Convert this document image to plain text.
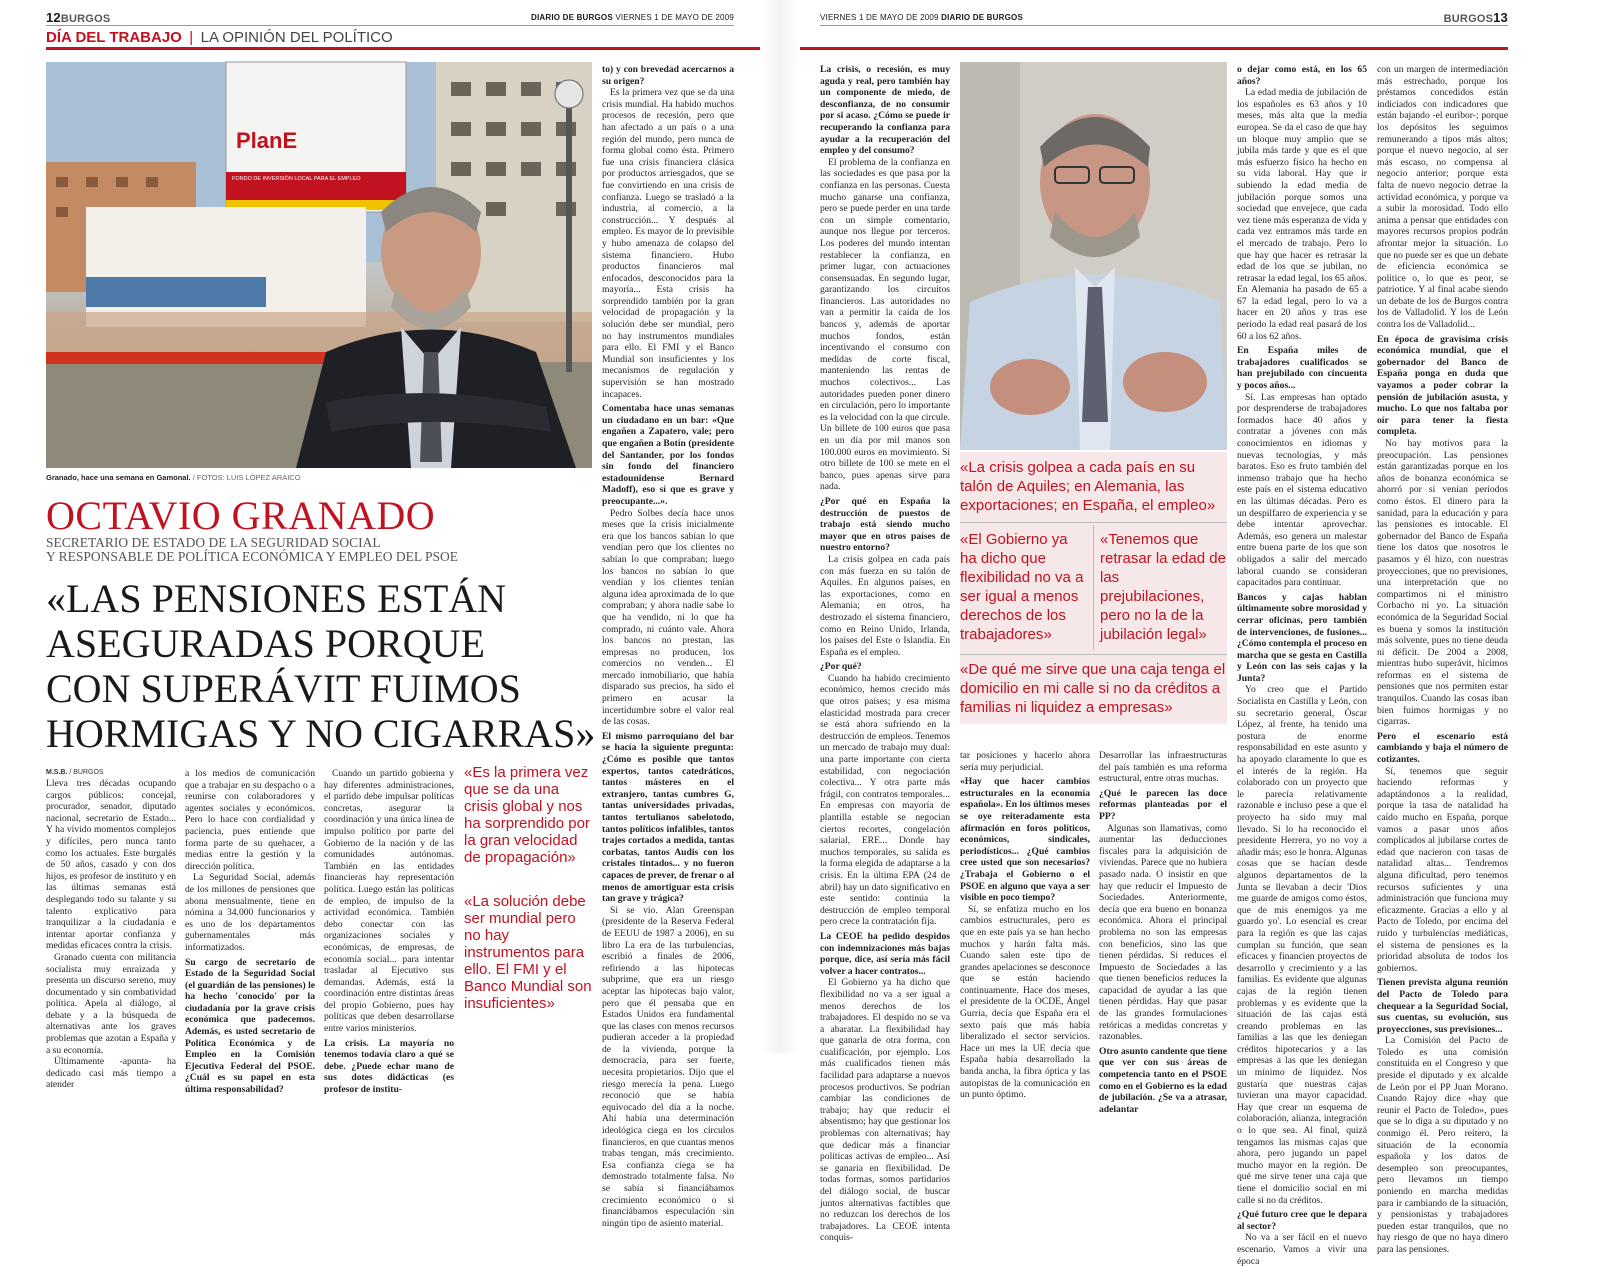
12BURGOS	DIARIO DE BURGOS VIERNES 1 DE MAYO DE 2009	VIERNES 1 DE MAYO DE 2009 DIARIO DE BURGOS	BURGOS13
DÍA DEL TRABAJO | LA OPINIÓN DEL POLÍTICO
PlanE
FONDO DE INVERSIÓN LOCAL PARA EL EMPLEO
Granado, hace una semana en Gamonal. / FOTOS: LUIS LÓPEZ ARAICO
OCTAVIO GRANADO
SECRETARIO DE ESTADO DE LA SEGURIDAD SOCIAL
Y RESPONSABLE DE POLÍTICA ECONÓMICA Y EMPLEO DEL PSOE
«LAS PENSIONES ESTÁN
ASEGURADAS PORQUE
CON SUPERÁVIT FUIMOS
HORMIGAS Y NO CIGARRAS»
M.S.B. / BURGOS

Lleva tres décadas ocupando cargos públicos: concejal, procurador, senador, diputado nacional, secretario de Estado... Y ha vivido momentos complejos y difíciles, pero nunca tanto como los actuales. Este burgalés de 50 años, casado y con dos hijos, es profesor de instituto y en las últimas semanas está desplegando todo su talante y su talento explicativo para tranquilizar a la ciudadanía e intentar aportar confianza y medidas eficaces contra la crisis.

Granado cuenta con militancia socialista muy enraizada y presenta un discurso sereno, muy documentado y sin combatividad política. Apela al diálogo, al debate y a la búsqueda de alternativas ante los graves problemas que azotan a España y a su economía.

Últimamente -apunta- ha dedicado casi más tiempo a atender

a los medios de comunicación que a trabajar en su despacho o a reunirse con colaboradores y agentes sociales y económicos. Pero lo hace con cordialidad y paciencia, pues entiende que forma parte de su quehacer, a medias entre la gestión y la dirección política.

La Seguridad Social, además de los millones de pensiones que abona mensualmente, tiene en nómina a 34.000 funcionarios y es uno de los departamentos gubernamentales más informatizados.

Su cargo de secretario de Estado de la Seguridad Social (el guardián de las pensiones) le ha hecho 'conocido' por la ciudadanía por la grave crisis económica que padecemos. Además, es usted secretario de Política Económica y de Empleo en la Comisión Ejecutiva Federal del PSOE. ¿Cuál es su papel en esta última responsabilidad?

Cuando un partido gobierna y hay diferentes administraciones, el partido debe impulsar políticas concretas, asegurar la coordinación y una única línea de impulso político por parte del Gobierno de la nación y de las comunidades autónomas. También en las entidades financieras hay representación política. Luego están las políticas de empleo, de impulso de la actividad económica. También debo conectar con las organizaciones sociales y económicas, de empresas, de economía social... para intentar trasladar al Ejecutivo sus demandas. Además, está la coordinación entre distintas áreas del propio Gobierno, pues hay políticas que deben desarrollarse entre varios ministerios.

La crisis. La mayoría no tenemos todavía claro a qué se debe. ¿Puede echar mano de sus dotes didácticas (es profesor de institu-

«Es la primera vez que se da una crisis global y nos ha sorprendido por la gran velocidad de propagación»
«La solución debe ser mundial pero no hay instrumentos para ello. El FMI y el Banco Mundial son insuficientes»

to) y con brevedad acercarnos a su origen?

Es la primera vez que se da una crisis mundial. Ha habido muchos procesos de recesión, pero que han afectado a un país o a una región del mundo, pero nunca de forma global como ésta. Primero fue una crisis financiera clásica por productos arriesgados, que se fue convirtiendo en una crisis de confianza. Luego se trasladó a la industria, al comercio, a la construcción... Y después al empleo. Es mayor de lo previsible y hubo amenaza de colapso del sistema financiero. Hubo productos financieros mal enfocados, desconocidos para la mayoría... Esta crisis ha sorprendido también por la gran velocidad de propagación y la solución debe ser mundial, pero no hay instrumentos mundiales para ello. El FMI y el Banco Mundial son insuficientes y los mecanismos de regulación y supervisión se han mostrado incapaces.

Comentaba hace unas semanas un ciudadano en un bar: «Que engañen a Zapatero, vale; pero que engañen a Botín (presidente del Santander, por los fondos sin fondo del financiero estadounidense Bernard Madoff), eso sí que es grave y preocupante...».

Pedro Solbes decía hace unos meses que la crisis inicialmente era que los bancos sabían lo que vendían pero que los clientes no sabían lo que compraban; luego los bancos no sabían lo que vendían y los clientes tenían alguna idea aproximada de lo que compraban; y ahora nadie sabe lo que ha vendido, ni lo que ha comprado, ni cuánto vale. Ahora los bancos no prestan, las empresas no producen, los comercios no venden... El mercado inmobiliario, que había disparado sus precios, ha sido el primero en acusar la incertidumbre sobre el valor real de las cosas.

El mismo parroquiano del bar se hacía la siguiente pregunta: ¿Cómo es posible que tantos expertos, tantos catedráticos, tantos másteres en el extranjero, tantas cumbres G, tantas universidades privadas, tantos tertulianos sabelotodo, tantos políticos infalibles, tantos trajes cortados a medida, tantas corbatas, tantos Audis con los cristales tintados... y no fueron capaces de prever, de frenar o al menos de amortiguar esta crisis tan grave y trágica?

Si se vio. Alan Greenspan (presidente de la Reserva Federal de EEUU de 1987 a 2006), en su libro La era de las turbulencias, escribió a finales de 2006, refiriendo a las hipotecas subprime, que era un riesgo aceptar las hipotecas bajo valor, pero que él pensaba que en Estados Unidos era fundamental que las clases con menos recursos pudieran acceder a la propiedad de la vivienda, porque la democracia, para ser fuerte, necesita propietarios. Dijo que el riesgo merecía la pena. Luego reconoció que se había equivocado del día a la noche. Ahí había una determinación ideológica ciega en los círculos financieros, en que cuantas menos trabas tengan, más crecimiento. Esa confianza ciega se ha demostrado totalmente falsa. No se sabía si financiábamos crecimiento económico o si financiábamos especulación sin ningún tipo de asiento material.

La crisis, o recesión, es muy aguda y real, pero también hay un componente de miedo, de desconfianza, de no consumir por si acaso. ¿Cómo se puede ir recuperando la confianza para ayudar a la recuperación del empleo y del consumo?

El problema de la confianza en las sociedades es que pasa por la confianza en las personas. Cuesta mucho ganarse una confianza, pero se puede perder en una tarde con un simple comentario, aunque nos llegue por terceros. Los poderes del mundo intentan restablecer la confianza, en primer lugar, con actuaciones consensuadas. En segundo lugar, garantizando los circuitos financieros. Las autoridades no van a permitir la caída de los bancos y, además de aportar muchos fondos, están incentivando el consumo con medidas de corte fiscal, manteniendo las rentas de muchos colectivos... Las autoridades pueden poner dinero en circulación, pero lo importante es la velocidad con la que circule. Un billete de 100 euros que pasa en un día por mil manos son 100.000 euros en movimiento. Si otro billete de 100 se mete en el banco, pues apenas sirve para nada.

¿Por qué en España la destrucción de puestos de trabajo está siendo mucho mayor que en otros países de nuestro entorno?

La crisis golpea en cada país con más fuerza en su talón de Aquiles. En algunos países, en las exportaciones, como en Alemania; en otros, ha destrozado el sistema financiero, como en Reino Unido, Irlanda, los países del Este o Islandia. En España es el empleo.

¿Por qué?

Cuando ha habido crecimiento económico, hemos crecido más que otros países; y esa misma elasticidad mostrada para crecer se está ahora sufriendo en la destrucción de empleos. Tenemos un mercado de trabajo muy dual: una parte importante con cierta estabilidad, con negociación colectiva... Y otra parte más frágil, con contratos temporales... En empresas con mayoría de plantilla estable se negocian ciertos recortes, congelación salarial, ERE... Donde hay muchos temporales, su salida es la forma elegida de adaptarse a la crisis. En la última EPA (24 de abril) hay un dato significativo en este sentido: continúa la destrucción de empleo temporal pero crece la contratación fija.

La CEOE ha pedido despidos con indemnizaciones más bajas porque, dice, así sería más fácil volver a hacer contratos...

El Gobierno ya ha dicho que flexibilidad no va a ser igual a menos derechos de los trabajadores. El despido no se va a abaratar. La flexibilidad hay que ganarla de otra forma, con cualificación, por ejemplo. Los más cualificados tienen más facilidad para adaptarse a nuevos procesos productivos. Se podrían cambiar las condiciones de trabajo; hay que reducir el absentismo; hay que gestionar los problemas con alternativas; hay que dedicar más a financiar políticas activas de empleo... Así se ganaría en flexibilidad. De todas formas, somos partidarios del diálogo social, de buscar juntos alternativas factibles que no reduzcan los derechos de los trabajadores. La CEOE intenta conquis-

«La crisis golpea a cada país en su talón de Aquiles; en Alemania, las exportaciones; en España, el empleo»
«El Gobierno ya ha dicho que flexibilidad no va a ser igual a menos derechos de los trabajadores»
«Tenemos que retrasar la edad de las prejubilaciones, pero no la de la jubilación legal»
«De qué me sirve que una caja tenga el domicilio en mi calle si no da créditos a familias ni liquidez a empresas»

tar posiciones y hacerlo ahora sería muy perjudicial.

«Hay que hacer cambios estructurales en la economía española». En los últimos meses se oye reiteradamente esta afirmación en foros políticos, económicos, sindicales, periodísticos... ¿Qué cambios cree usted que son necesarios? ¿Trabaja el Gobierno o el PSOE en alguno que vaya a ser visible en poco tiempo?

Sí, se enfatiza mucho en los cambios estructurales, pero es que en este país ya se han hecho muchos y harán falta más. Cuando salen este tipo de grandes apelaciones se desconoce que se están haciendo continuamente. Hace dos meses, el presidente de la OCDE, Ángel Gurría, decía que España era el sexto país que más había liberalizado el sector servicios. Hace un mes la UE decía que España había desarrollado la banda ancha, la fibra óptica y las autopistas de la comunicación en un punto óptimo.

Desarrollar las infraestructuras del país también es una reforma estructural, entre otras muchas.

¿Qué le parecen las doce reformas planteadas por el PP?

Algunas son llamativas, como aumentar las deducciones fiscales para la adquisición de viviendas. Parece que no hubiera pasado nada. O insistir en que hay que reducir el Impuesto de Sociedades. Anteriormente, decía que era bueno en bonanza económica. Ahora el principal problema no son las empresas con beneficios, sino las que tienen pérdidas. Si reduces el Impuesto de Sociedades a las que tienen beneficios reduces la capacidad de ayudar a las que tienen pérdidas. Hay que pasar de las grandes formulaciones retóricas a medidas concretas y razonables.

Otro asunto candente que tiene que ver con sus áreas de competencia tanto en el PSOE como en el Gobierno es la edad de jubilación. ¿Se va a atrasar, adelantar

o dejar como está, en los 65 años?

La edad media de jubilación de los españoles es 63 años y 10 meses, más alta que la media europea. Se da el caso de que hay un bloque muy amplio que se jubila más tarde y que es el que más esfuerzo físico ha hecho en su vida laboral. Hay que ir subiendo la edad media de jubilación porque somos una sociedad que envejece, que cada vez tiene más esperanza de vida y cada vez entramos más tarde en el mercado de trabajo. Pero lo que hay que hacer es retrasar la edad de los que se jubilan, no retrasar la edad legal, los 65 años. En Alemania ha pasado de 65 a 67 la edad legal, pero lo va a hacer en 20 años y tras ese período la edad real pasará de los 60 a los 62 años.

En España miles de trabajadores cualificados se han prejubilado con cincuenta y pocos años...

Sí. Las empresas han optado por desprenderse de trabajadores formados hace 40 años y contratar a jóvenes con más conocimientos en idiomas y nuevas tecnologías, y más baratos. Eso es fruto también del inmenso trabajo que ha hecho este país en el sistema educativo en las últimas décadas. Pero es un despilfarro de experiencia y se debe intentar aprovechar. Además, eso genera un malestar entre buena parte de los que son obligados a salir del mercado laboral cuando se consideran capacitados para continuar.

Bancos y cajas hablan últimamente sobre morosidad y cerrar oficinas, pero también de intervenciones, de fusiones... ¿Cómo contempla el proceso en marcha que se gesta en Castilla y León con las seis cajas y la Junta?

Yo creo que el Partido Socialista en Castilla y León, con su secretario general, Óscar López, al frente, ha tenido una postura de enorme responsabilidad en este asunto y ha apoyado claramente lo que es el interés de la región. Ha colaborado con un proyecto que le parecía relativamente razonable e incluso pese a que el proyecto ha sido muy mal llevado. Si lo ha reconocido el presidente Herrera, yo no voy a añadir más; eso le honra. Algunas cosas que se hacían desde algunos departamentos de la Junta se llevaban a decir 'Dios me guarde de amigos como éstos, que de mis enemigos ya me guardo yo'. Lo esencial es crear para la región es que las cajas cumplan su función, que sean eficaces y financien proyectos de desarrollo y crecimiento y a las familias. Es evidente que algunas cajas de la región tienen problemas y es evidente que la situación de las cajas está creando problemas en las familias a las que les deniegan créditos hipotecarios y a las empresas a las que les deniegan un mínimo de liquidez. Nos gustaría que nuestras cajas tuvieran una mayor capacidad. Hay que crear un esquema de colaboración, alianza, integración o lo que sea. Al final, quizá tengamos las mismas cajas que ahora, pero jugando un papel mucho mayor en la región. De qué me sirve tener una caja que tiene el domicilio social en mi calle si no da créditos.

¿Qué futuro cree que le depara al sector?

No va a ser fácil en el nuevo escenario. Vamos a vivir una época

con un margen de intermediación más estrechado, porque los préstamos concedidos están indiciados con indicadores que están bajando -el euribor-; porque los depósitos les seguimos remunerando a tipos más altos; porque el nuevo negocio, al ser más escaso, no compensa al negocio anterior; porque esta falta de nuevo negocio detrae la actividad económica, y porque va a subir la morosidad. Todo ello anima a pensar que entidades con mayores recursos propios podrán afrontar mejor la situación. Lo que no puede ser es que un debate de eficiencia económica se politice o, lo que es peor, se patriotice. Y al final acabe siendo un debate de los de Burgos contra los de Valladolid. Y los de León contra los de Valladolid...

En época de gravísima crisis económica mundial, que el gobernador del Banco de España ponga en duda que vayamos a poder cobrar la pensión de jubilación asusta, y mucho. Lo que nos faltaba por oír para tener la fiesta completa.

No hay motivos para la preocupación. Las pensiones están garantizadas porque en los años de bonanza económica se ahorró por si venían períodos como éstos. El dinero para la sanidad, para la educación y para las pensiones es intocable. El gobernador del Banco de España tiene los datos que nosotros le pasamos y él hizo, con nuestras proyecciones, que no previsiones, una interpretación que no compartimos ni el ministro Corbacho ni yo. La situación económica de la Seguridad Social es buena y somos la institución más solvente, pues no tiene deuda ni déficit. De 2004 a 2008, mientras hubo superávit, hicimos reformas en el sistema de pensiones que nos permiten estar tranquilos. Cuando las cosas iban bien fuimos hormigas y no cigarras.

Pero el escenario está cambiando y baja el número de cotizantes.

Sí, tenemos que seguir haciendo reformas y adaptándonos a la realidad, porque la tasa de natalidad ha caído mucho en España, porque vamos a pasar unos años complicados al jubilarse cortes de edad que nacieron con tasas de natalidad altas... Tendremos alguna dificultad, pero tenemos recursos suficientes y una administración que funciona muy eficazmente. Gracias a ello y al Pacto de Toledo, por encima del ruido y turbulencias mediáticas, el sistema de pensiones es la prioridad absoluta de todos los gobiernos.

Tienen prevista alguna reunión del Pacto de Toledo para chequear a la Seguridad Social, sus cuentas, su evolución, sus proyecciones, sus previsiones...

La Comisión del Pacto de Toledo es una comisión constituida en el Congreso y que preside el diputado y ex alcalde de León por el PP Juan Morano. Cuando Rajoy dice «hay que reunir el Pacto de Toledo», pues que se lo diga a su diputado y no conmigo él. Pero reitero, la situación de la economía española y los datos de desempleo son preocupantes, pero llevamos un tiempo poniendo en marcha medidas para ir cambiando de la situación, y pensionistas y trabajadores pueden estar tranquilos, que no hay riesgo de que no haya dinero para las pensiones.
